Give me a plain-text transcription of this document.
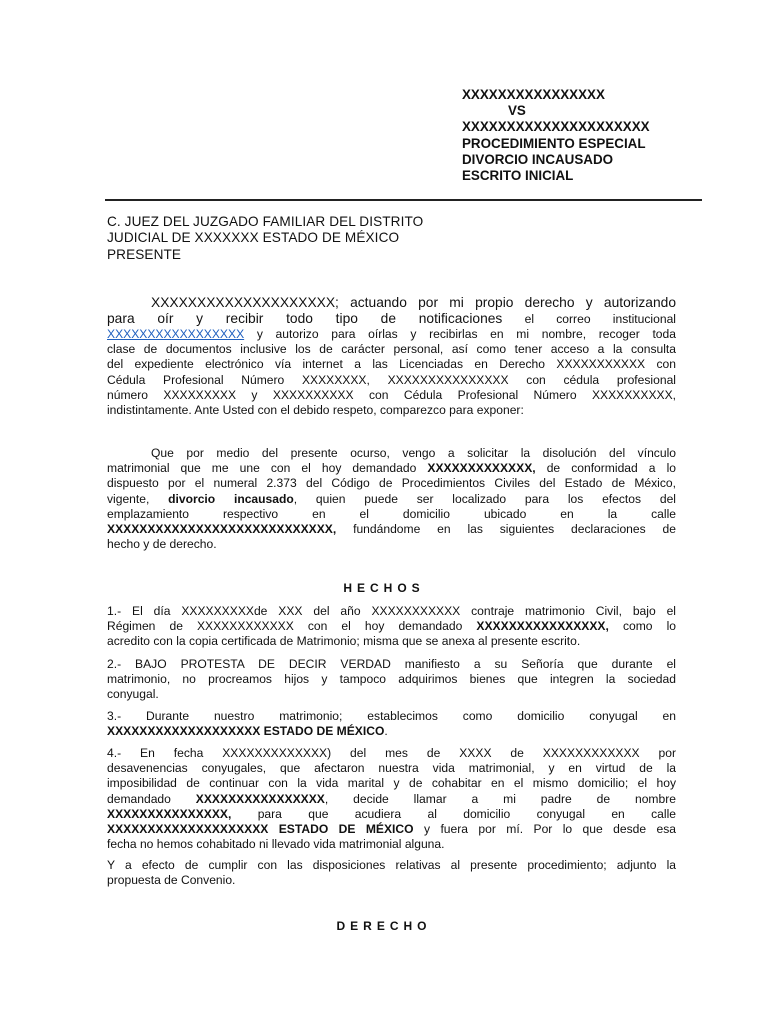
XXXXXXXXXXXXXXXX
VS
XXXXXXXXXXXXXXXXXXXXX
PROCEDIMIENTO ESPECIAL
DIVORCIO INCAUSADO
ESCRITO INICIAL
C. JUEZ DEL JUZGADO FAMILIAR DEL DISTRITO
JUDICIAL DE XXXXXXX ESTADO DE MÉXICO
PRESENTE
XXXXXXXXXXXXXXXXXXXX; actuando por mi propio derecho y autorizando
para oír y recibir todo tipo de notificaciones el correo institucional
XXXXXXXXXXXXXXXXX y autorizo para oírlas y recibirlas en mi nombre, recoger toda
clase de documentos inclusive los de carácter personal, así como tener acceso a la consulta
del expediente electrónico vía internet a las Licenciadas en Derecho XXXXXXXXXXX con
Cédula Profesional Número XXXXXXXX, XXXXXXXXXXXXXXX con cédula profesional
número XXXXXXXXX y XXXXXXXXXX con Cédula Profesional Número XXXXXXXXXX,
indistintamente. Ante Usted con el debido respeto, comparezco para exponer:
Que por medio del presente ocurso, vengo a solicitar la disolución del vínculo
matrimonial que me une con el hoy demandado XXXXXXXXXXXXX, de conformidad a lo
dispuesto por el numeral 2.373 del Código de Procedimientos Civiles del Estado de México,
vigente, divorcio incausado, quien puede ser localizado para los efectos del
emplazamiento respectivo en el domicilio ubicado en la calle
XXXXXXXXXXXXXXXXXXXXXXXXXXXX, fundándome en las siguientes declaraciones de
hecho y de derecho.
HECHOS
1.- El día XXXXXXXXXde XXX del año XXXXXXXXXXX contraje matrimonio Civil, bajo el
Régimen de XXXXXXXXXXXX con el hoy demandado XXXXXXXXXXXXXXXX, como lo
acredito con la copia certificada de Matrimonio; misma que se anexa al presente escrito.
2.- BAJO PROTESTA DE DECIR VERDAD manifiesto a su Señoría que durante el
matrimonio, no procreamos hijos y tampoco adquirimos bienes que integren la sociedad
conyugal.
3.- Durante nuestro matrimonio; establecimos como domicilio conyugal en
XXXXXXXXXXXXXXXXXXX ESTADO DE MÉXICO.
4.- En fecha XXXXXXXXXXXXX) del mes de XXXX de XXXXXXXXXXXX por
desavenencias conyugales, que afectaron nuestra vida matrimonial, y en virtud de la
imposibilidad de continuar con la vida marital y de cohabitar en el mismo domicilio; el hoy
demandado XXXXXXXXXXXXXXXX, decide llamar a mi padre de nombre
XXXXXXXXXXXXXXX, para que acudiera al domicilio conyugal en calle
XXXXXXXXXXXXXXXXXXXX ESTADO DE MÉXICO y fuera por mí. Por lo que desde esa
fecha no hemos cohabitado ni llevado vida matrimonial alguna.
Y a efecto de cumplir con las disposiciones relativas al presente procedimiento; adjunto la
propuesta de Convenio.
DERECHO
